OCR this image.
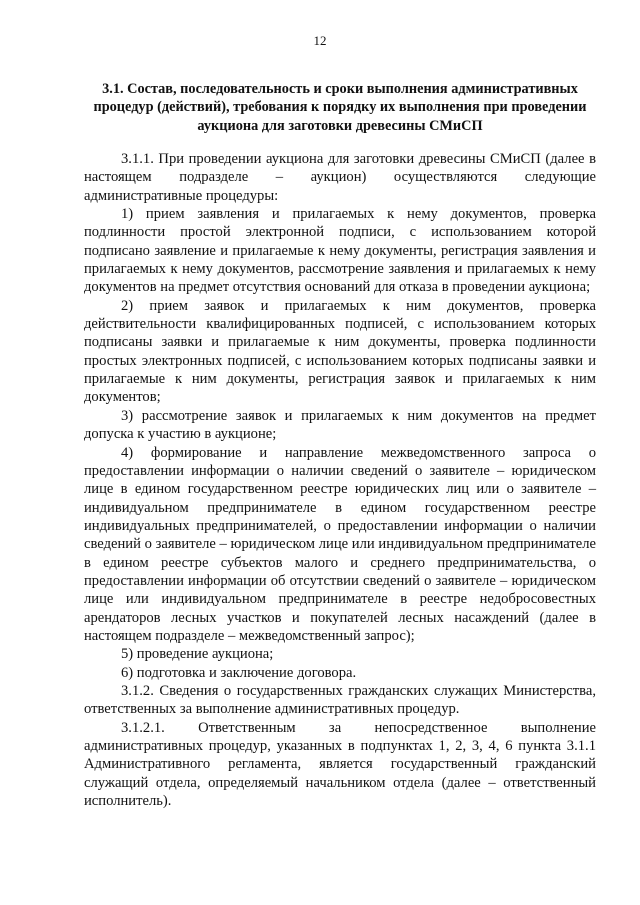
12
3.1. Состав, последовательность и сроки выполнения административных
процедур (действий), требования к порядку их выполнения при проведении
аукциона для заготовки древесины СМиСП

3.1.1. При проведении аукциона для заготовки древесины СМиСП (далее в настоящем подразделе – аукцион) осуществляются следующие административные процедуры:

1) прием заявления и прилагаемых к нему документов, проверка подлинности простой электронной подписи, с использованием которой подписано заявление и прилагаемые к нему документы, регистрация заявления и прилагаемых к нему документов, рассмотрение заявления и прилагаемых к нему документов на предмет отсутствия оснований для отказа в проведении аукциона;

2) прием заявок и прилагаемых к ним документов, проверка действительности квалифицированных подписей, с использованием которых подписаны заявки и прилагаемые к ним документы, проверка подлинности простых электронных подписей, с использованием которых подписаны заявки и прилагаемые к ним документы, регистрация заявок и прилагаемых к ним документов;

3) рассмотрение заявок и прилагаемых к ним документов на предмет допуска к участию в аукционе;

4) формирование и направление межведомственного запроса о предоставлении информации о наличии сведений о заявителе – юридическом лице в едином государственном реестре юридических лиц или о заявителе – индивидуальном предпринимателе в едином государственном реестре индивидуальных предпринимателей, о предоставлении информации о наличии сведений о заявителе – юридическом лице или индивидуальном предпринимателе в едином реестре субъектов малого и среднего предпринимательства, о предоставлении информации об отсутствии сведений о заявителе – юридическом лице или индивидуальном предпринимателе в реестре недобросовестных арендаторов лесных участков и покупателей лесных насаждений (далее в настоящем подразделе – межведомственный запрос);

5) проведение аукциона;

6) подготовка и заключение договора.

3.1.2. Сведения о государственных гражданских служащих Министерства, ответственных за выполнение административных процедур.

3.1.2.1. Ответственным за непосредственное выполнение административных процедур, указанных в подпунктах 1, 2, 3, 4, 6 пункта 3.1.1 Административного регламента, является государственный гражданский служащий отдела, определяемый начальником отдела (далее – ответственный исполнитель).
